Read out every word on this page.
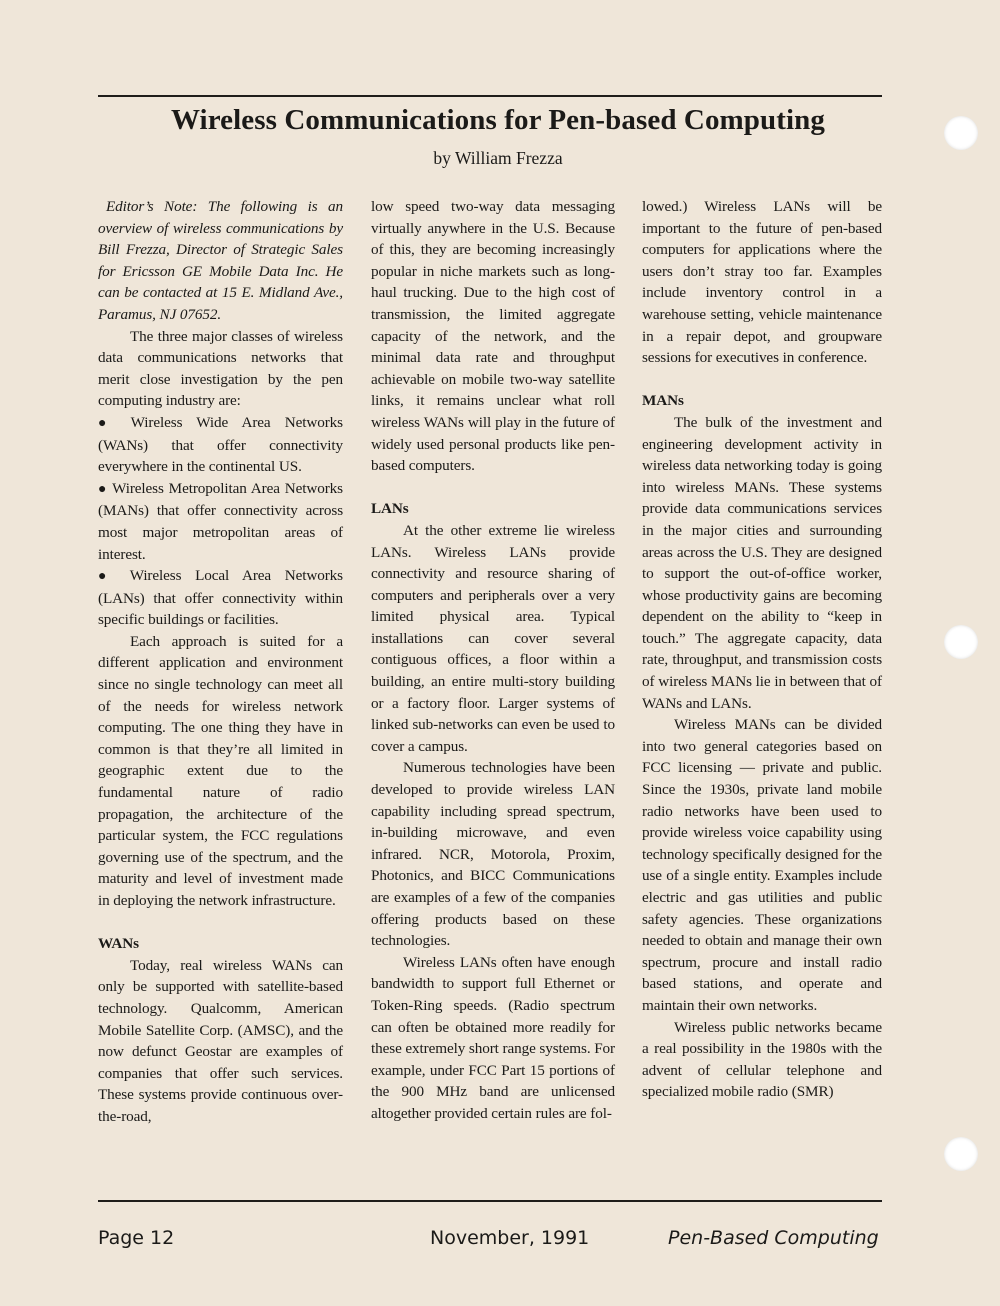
Wireless Communications for Pen-based Computing
by William Frezza

Editor’s Note: The following is an overview of wireless communications by Bill Frezza, Director of Strategic Sales for Ericsson GE Mobile Data Inc. He can be contacted at 15 E. Midland Ave., Paramus, NJ 07652.

The three major classes of wireless data communications networks that merit close investigation by the pen computing industry are:

● Wireless Wide Area Networks (WANs) that offer connectivity everywhere in the continental US.

● Wireless Metropolitan Area Networks (MANs) that offer connectivity across most major metropolitan areas of interest.

● Wireless Local Area Networks (LANs) that offer connectivity within specific buildings or facilities.

Each approach is suited for a different application and environment since no single technology can meet all of the needs for wireless network computing. The one thing they have in common is that they’re all limited in geographic extent due to the fundamental nature of radio propagation, the architecture of the particular system, the FCC regulations governing use of the spectrum, and the maturity and level of investment made in deploying the network infrastructure.

WANs

Today, real wireless WANs can only be supported with satellite-based technology. Qualcomm, American Mobile Satellite Corp. (AMSC), and the now defunct Geostar are examples of companies that offer such services. These systems provide continuous over-the-road,

low speed two-way data messaging virtually anywhere in the U.S. Because of this, they are becoming increasingly popular in niche markets such as long-haul trucking. Due to the high cost of transmission, the limited aggregate capacity of the network, and the minimal data rate and throughput achievable on mobile two-way satellite links, it remains unclear what roll wireless WANs will play in the future of widely used personal products like pen-based computers.

LANs

At the other extreme lie wireless LANs. Wireless LANs provide connectivity and resource sharing of computers and peripherals over a very limited physical area. Typical installations can cover several contiguous offices, a floor within a building, an entire multi-story building or a factory floor. Larger systems of linked sub-networks can even be used to cover a campus.

Numerous technologies have been developed to provide wireless LAN capability including spread spectrum, in-building microwave, and even infrared. NCR, Motorola, Proxim, Photonics, and BICC Communications are examples of a few of the companies offering products based on these technologies.

Wireless LANs often have enough bandwidth to support full Ethernet or Token-Ring speeds. (Radio spectrum can often be obtained more readily for these extremely short range systems. For example, under FCC Part 15 portions of the 900 MHz band are unlicensed altogether provided certain rules are fol-

lowed.) Wireless LANs will be important to the future of pen-based computers for applications where the users don’t stray too far. Examples include inventory control in a warehouse setting, vehicle maintenance in a repair depot, and groupware sessions for executives in conference.

MANs

The bulk of the investment and engineering development activity in wireless data networking today is going into wireless MANs. These systems provide data communications services in the major cities and surrounding areas across the U.S. They are designed to support the out-of-office worker, whose productivity gains are becoming dependent on the ability to “keep in touch.” The aggregate capacity, data rate, throughput, and transmission costs of wireless MANs lie in between that of WANs and LANs.

Wireless MANs can be divided into two general categories based on FCC licensing — private and public. Since the 1930s, private land mobile radio networks have been used to provide wireless voice capability using technology specifically designed for the use of a single entity. Examples include electric and gas utilities and public safety agencies. These organizations needed to obtain and manage their own spectrum, procure and install radio based stations, and operate and maintain their own networks.

Wireless public networks became a real possibility in the 1980s with the advent of cellular telephone and specialized mobile radio (SMR)

Page 12	November, 1991	Pen-Based Computing
